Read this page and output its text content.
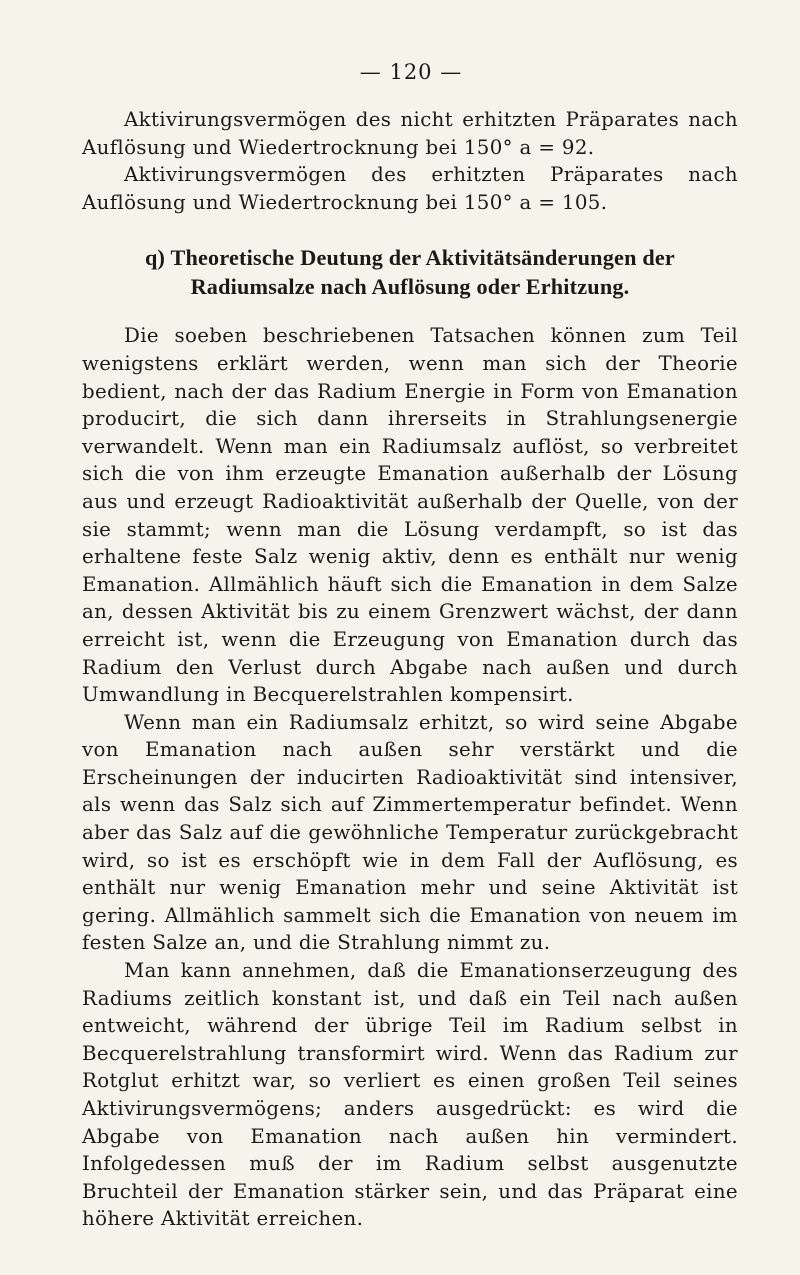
— 120 —

Aktivirungsvermögen des nicht erhitzten Präparates nach Auflösung und Wiedertrocknung bei 150° a = 92.

Aktivirungsvermögen des erhitzten Präparates nach Auflösung und Wiedertrocknung bei 150° a = 105.

q) Theoretische Deutung der Aktivitätsänderungen der Radiumsalze nach Auflösung oder Erhitzung.

Die soeben beschriebenen Tatsachen können zum Teil wenigstens erklärt werden, wenn man sich der Theorie bedient, nach der das Radium Energie in Form von Emanation producirt, die sich dann ihrerseits in Strahlungsenergie verwandelt. Wenn man ein Radiumsalz auflöst, so verbreitet sich die von ihm erzeugte Emanation außerhalb der Lösung aus und erzeugt Radioaktivität außerhalb der Quelle, von der sie stammt; wenn man die Lösung verdampft, so ist das erhaltene feste Salz wenig aktiv, denn es enthält nur wenig Emanation. Allmählich häuft sich die Emanation in dem Salze an, dessen Aktivität bis zu einem Grenzwert wächst, der dann erreicht ist, wenn die Erzeugung von Emanation durch das Radium den Verlust durch Abgabe nach außen und durch Umwandlung in Becquerelstrahlen kompensirt.

Wenn man ein Radiumsalz erhitzt, so wird seine Abgabe von Emanation nach außen sehr verstärkt und die Erscheinungen der inducirten Radioaktivität sind intensiver, als wenn das Salz sich auf Zimmertemperatur befindet. Wenn aber das Salz auf die gewöhnliche Temperatur zurückgebracht wird, so ist es erschöpft wie in dem Fall der Auflösung, es enthält nur wenig Emanation mehr und seine Aktivität ist gering. Allmählich sammelt sich die Emanation von neuem im festen Salze an, und die Strahlung nimmt zu.

Man kann annehmen, daß die Emanationserzeugung des Radiums zeitlich konstant ist, und daß ein Teil nach außen entweicht, während der übrige Teil im Radium selbst in Becquerelstrahlung transformirt wird. Wenn das Radium zur Rotglut erhitzt war, so verliert es einen großen Teil seines Aktivirungsvermögens; anders ausgedrückt: es wird die Abgabe von Emanation nach außen hin vermindert. Infolgedessen muß der im Radium selbst ausgenutzte Bruchteil der Emanation stärker sein, und das Präparat eine höhere Aktivität erreichen.
